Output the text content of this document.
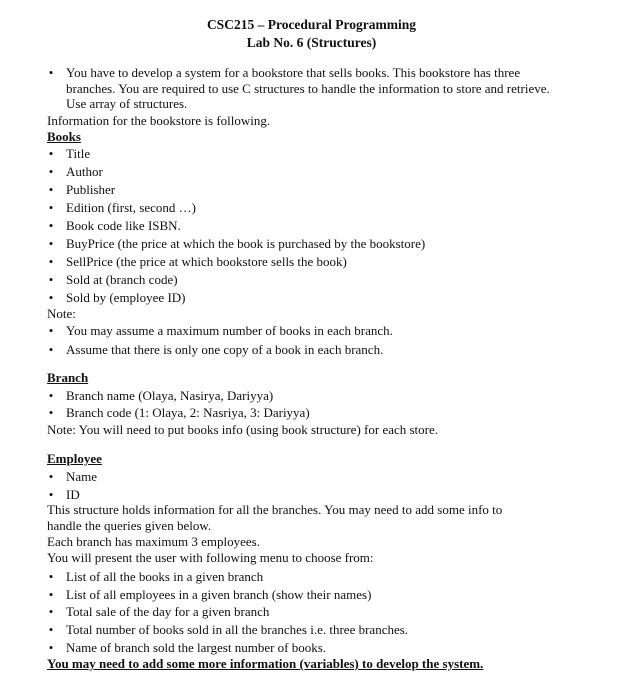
CSC215 – Procedural Programming
Lab No. 6 (Structures)
• You have to develop a system for a bookstore that sells books. This bookstore has three branches. You are required to use C structures to handle the information to store and retrieve. Use array of structures.
Information for the bookstore is following.
Books
• Title
• Author
• Publisher
• Edition (first, second …)
• Book code like ISBN.
• BuyPrice (the price at which the book is purchased by the bookstore)
• SellPrice (the price at which bookstore sells the book)
• Sold at (branch code)
• Sold by (employee ID)
Note:
• You may assume a maximum number of books in each branch.
• Assume that there is only one copy of a book in each branch.
Branch
• Branch name (Olaya, Nasirya, Dariyya)
• Branch code (1: Olaya, 2: Nasriya, 3: Dariyya)
Note: You will need to put books info (using book structure) for each store.
Employee
• Name
• ID
This structure holds information for all the branches. You may need to add some info to
handle the queries given below.
Each branch has maximum 3 employees.
You will present the user with following menu to choose from:
• List of all the books in a given branch
• List of all employees in a given branch (show their names)
• Total sale of the day for a given branch
• Total number of books sold in all the branches i.e. three branches.
• Name of branch sold the largest number of books.
You may need to add some more information (variables) to develop the system.
